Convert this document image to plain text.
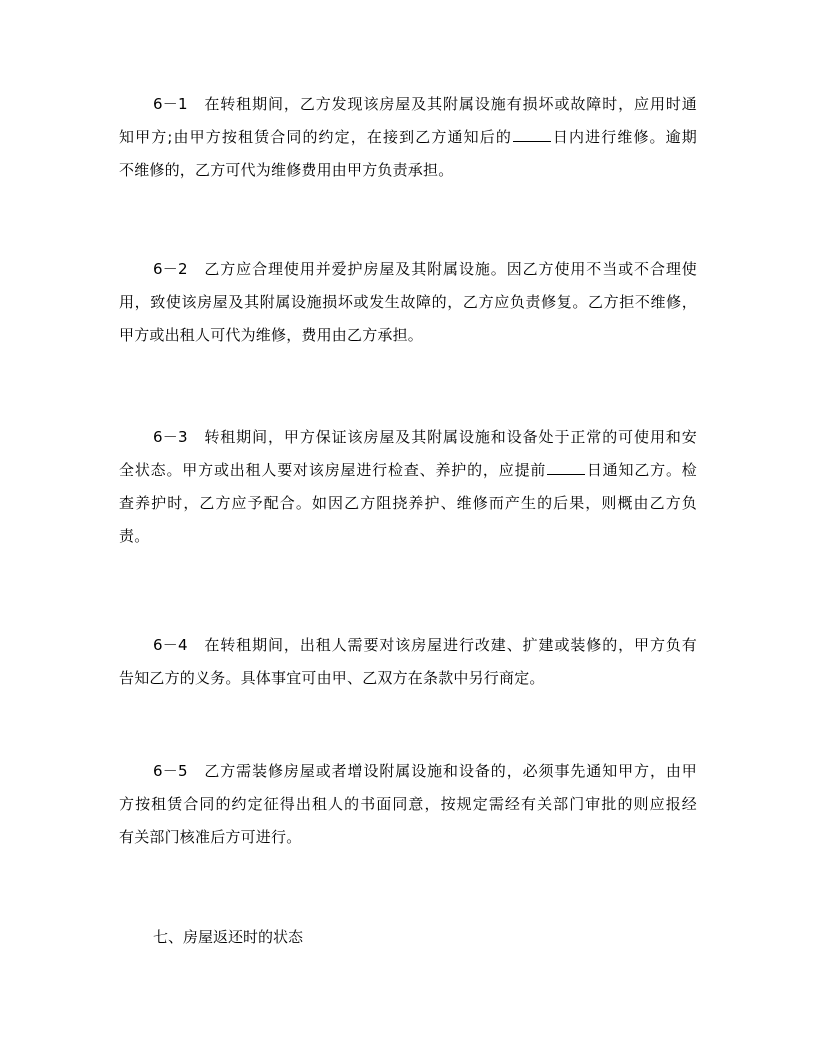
6－1　在转租期间，乙方发现该房屋及其附属设施有损坏或故障时，应用时通
知甲方;由甲方按租赁合同的约定，在接到乙方通知后的	日内进行维修。逾期
不维修的，乙方可代为维修费用由甲方负责承担。
6－2　乙方应合理使用并爱护房屋及其附属设施。因乙方使用不当或不合理使
用，致使该房屋及其附属设施损坏或发生故障的，乙方应负责修复。乙方拒不维修，
甲方或出租人可代为维修，费用由乙方承担。
6－3　转租期间，甲方保证该房屋及其附属设施和设备处于正常的可使用和安
全状态。甲方或出租人要对该房屋进行检查、养护的，应提前	日通知乙方。检
查养护时，乙方应予配合。如因乙方阻挠养护、维修而产生的后果，则概由乙方负
责。
6－4　在转租期间，出租人需要对该房屋进行改建、扩建或装修的，甲方负有
告知乙方的义务。具体事宜可由甲、乙双方在条款中另行商定。
6－5　乙方需装修房屋或者增设附属设施和设备的，必须事先通知甲方，由甲
方按租赁合同的约定征得出租人的书面同意，按规定需经有关部门审批的则应报经
有关部门核准后方可进行。
七、房屋返还时的状态
